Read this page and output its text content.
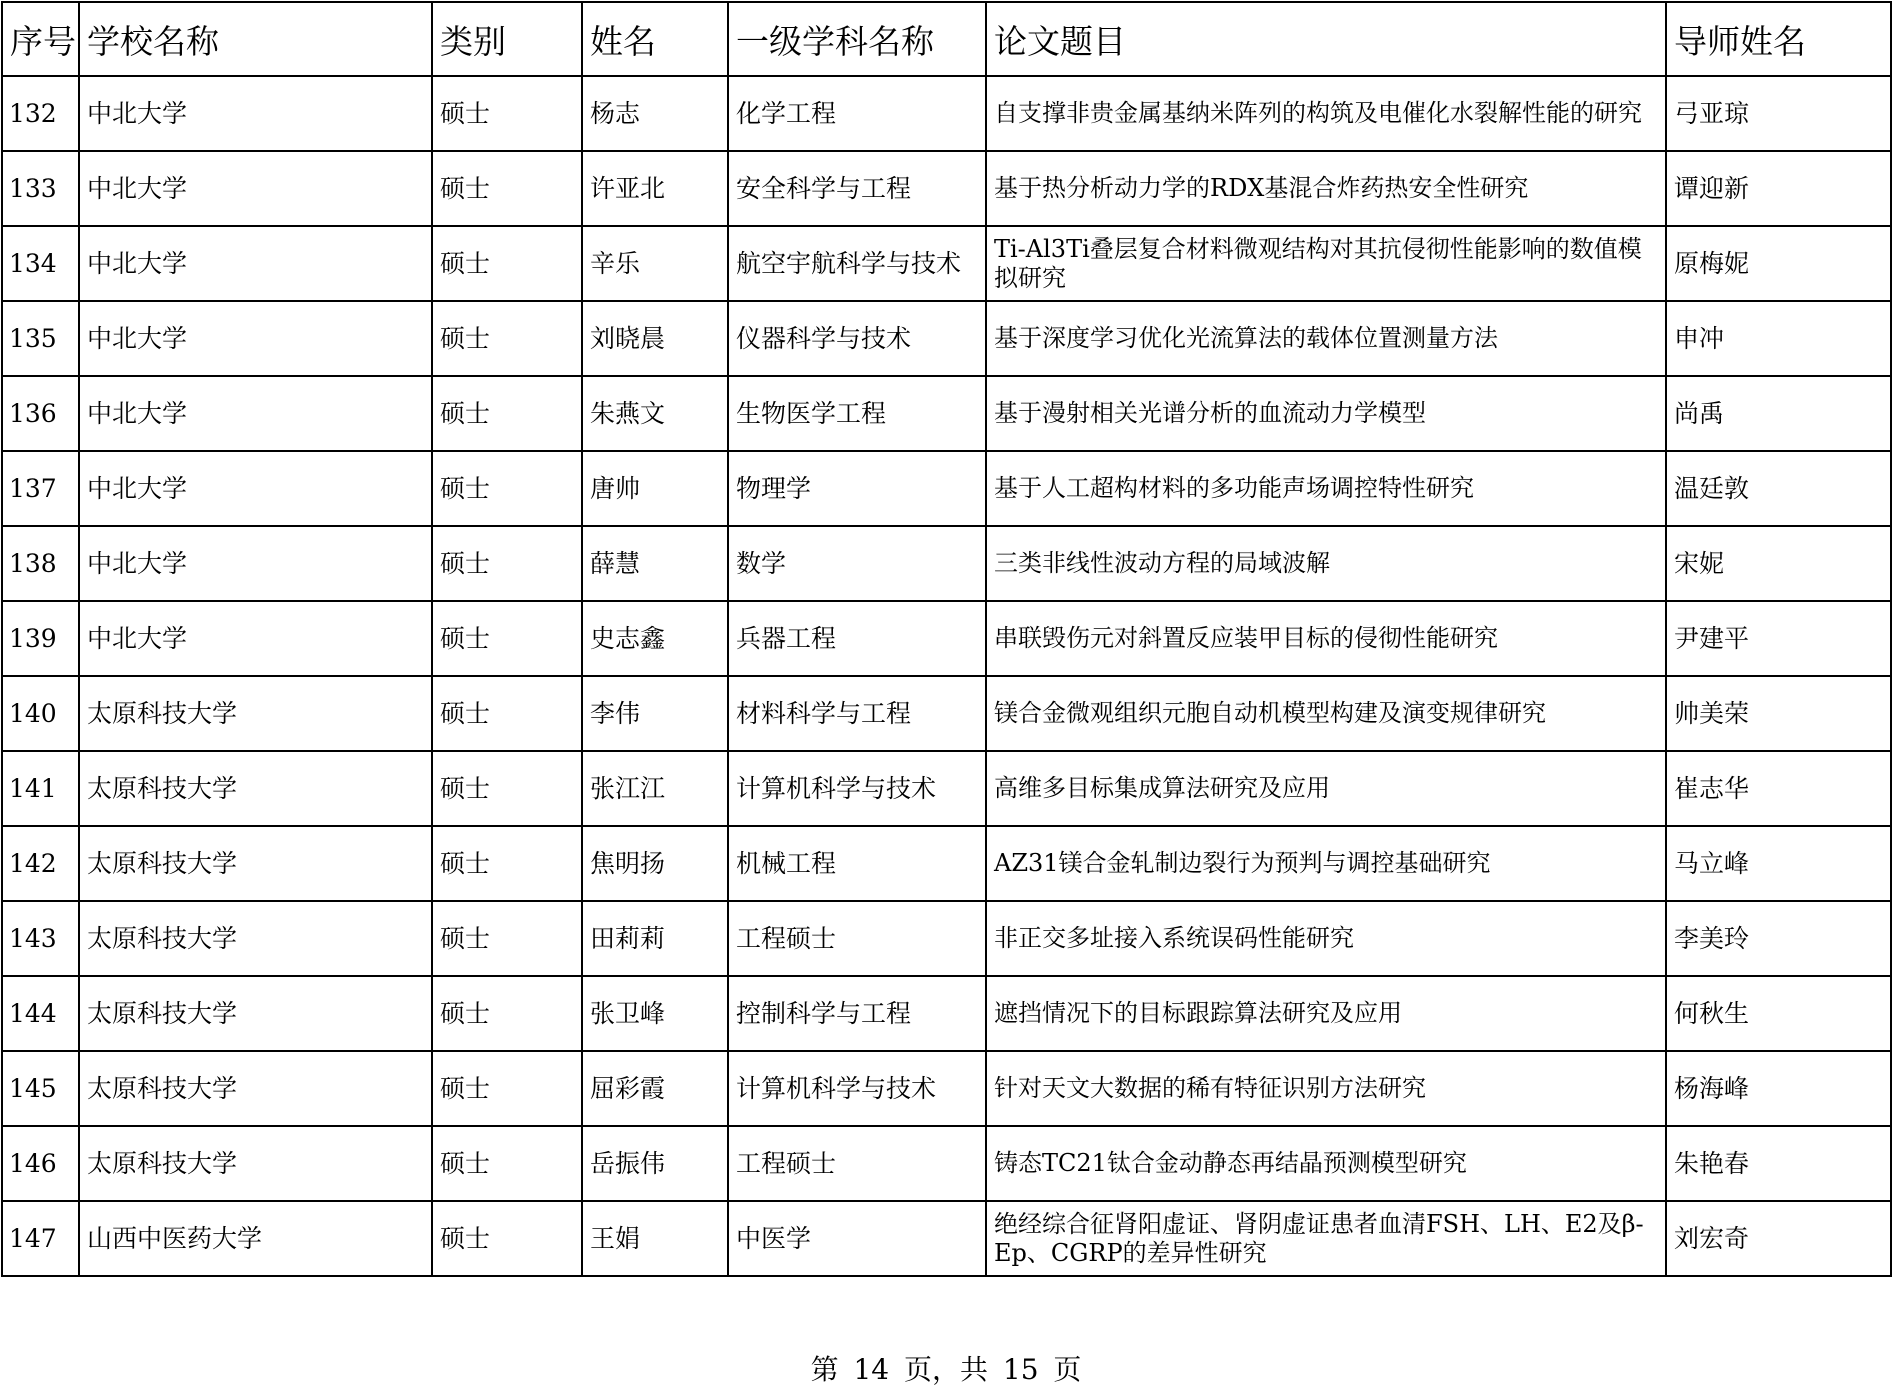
序号	学校名称	类别	姓名	一级学科名称	论文题目	导师姓名
132	中北大学	硕士	杨志	化学工程	自支撑非贵金属基纳米阵列的构筑及电催化水裂解性能的研究	弓亚琼
133	中北大学	硕士	许亚北	安全科学与工程	基于热分析动力学的RDX基混合炸药热安全性研究	谭迎新
134	中北大学	硕士	辛乐	航空宇航科学与技术	Ti-Al3Ti叠层复合材料微观结构对其抗侵彻性能影响的数值模拟研究	原梅妮
135	中北大学	硕士	刘晓晨	仪器科学与技术	基于深度学习优化光流算法的载体位置测量方法	申冲
136	中北大学	硕士	朱燕文	生物医学工程	基于漫射相关光谱分析的血流动力学模型	尚禹
137	中北大学	硕士	唐帅	物理学	基于人工超构材料的多功能声场调控特性研究	温廷敦
138	中北大学	硕士	薛慧	数学	三类非线性波动方程的局域波解	宋妮
139	中北大学	硕士	史志鑫	兵器工程	串联毁伤元对斜置反应装甲目标的侵彻性能研究	尹建平
140	太原科技大学	硕士	李伟	材料科学与工程	镁合金微观组织元胞自动机模型构建及演变规律研究	帅美荣
141	太原科技大学	硕士	张江江	计算机科学与技术	高维多目标集成算法研究及应用	崔志华
142	太原科技大学	硕士	焦明扬	机械工程	AZ31镁合金轧制边裂行为预判与调控基础研究	马立峰
143	太原科技大学	硕士	田莉莉	工程硕士	非正交多址接入系统误码性能研究	李美玲
144	太原科技大学	硕士	张卫峰	控制科学与工程	遮挡情况下的目标跟踪算法研究及应用	何秋生
145	太原科技大学	硕士	屈彩霞	计算机科学与技术	针对天文大数据的稀有特征识别方法研究	杨海峰
146	太原科技大学	硕士	岳振伟	工程硕士	铸态TC21钛合金动静态再结晶预测模型研究	朱艳春
147	山西中医药大学	硕士	王娟	中医学	绝经综合征肾阳虚证、肾阴虚证患者血清FSH、LH、E2及β-Ep、CGRP的差异性研究	刘宏奇
第 14 页，共 15 页
